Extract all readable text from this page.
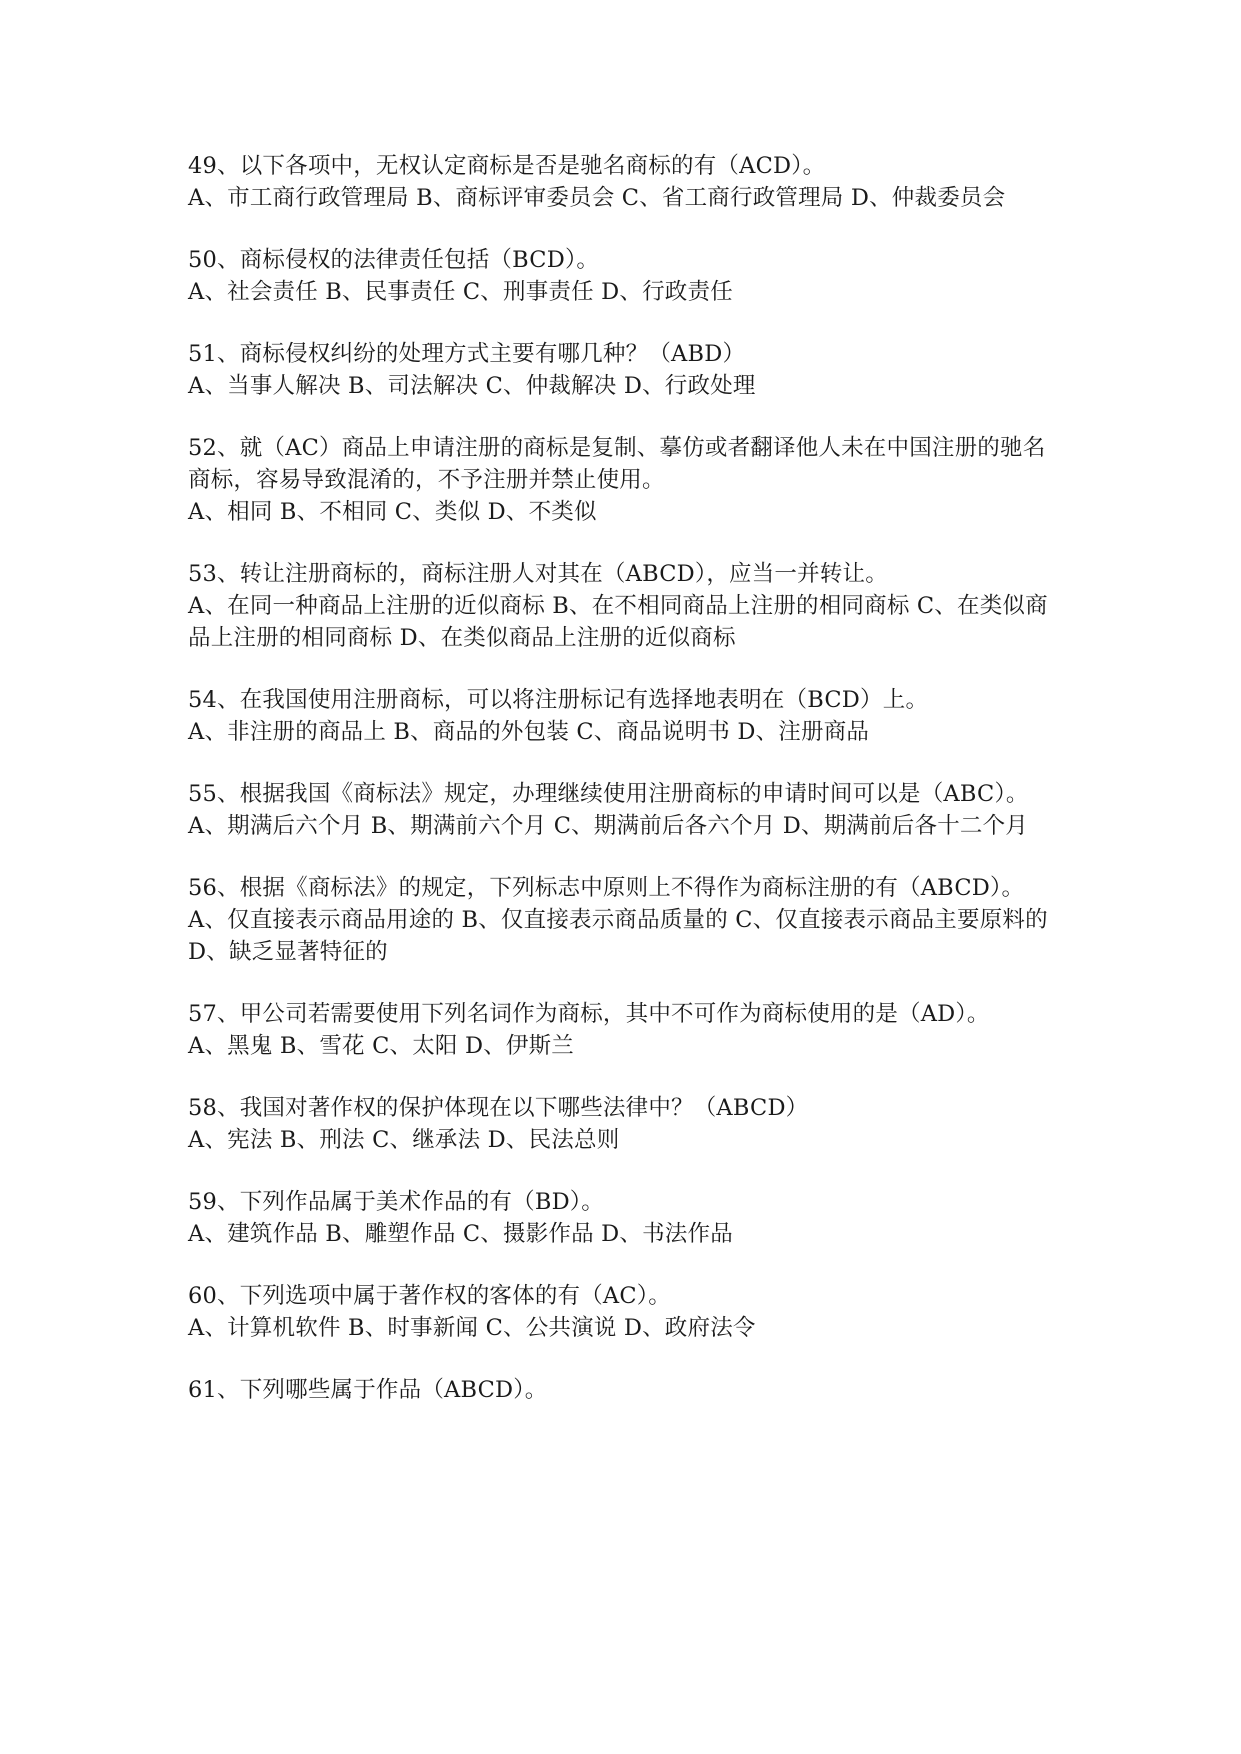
49、以下各项中，无权认定商标是否是驰名商标的有（ACD）。
A、市工商行政管理局 B、商标评审委员会 C、省工商行政管理局 D、仲裁委员会
50、商标侵权的法律责任包括（BCD）。
A、社会责任 B、民事责任 C、刑事责任 D、行政责任
51、商标侵权纠纷的处理方式主要有哪几种？（ABD）
A、当事人解决 B、司法解决 C、仲裁解决 D、行政处理
52、就（AC）商品上申请注册的商标是复制、摹仿或者翻译他人未在中国注册的驰名商标，容易导致混淆的，不予注册并禁止使用。
A、相同 B、不相同 C、类似 D、不类似
53、转让注册商标的，商标注册人对其在（ABCD），应当一并转让。
A、在同一种商品上注册的近似商标 B、在不相同商品上注册的相同商标 C、在类似商品上注册的相同商标 D、在类似商品上注册的近似商标
54、在我国使用注册商标，可以将注册标记有选择地表明在（BCD）上。
A、非注册的商品上 B、商品的外包装 C、商品说明书 D、注册商品
55、根据我国《商标法》规定，办理继续使用注册商标的申请时间可以是（ABC）。
A、期满后六个月 B、期满前六个月 C、期满前后各六个月 D、期满前后各十二个月
56、根据《商标法》的规定，下列标志中原则上不得作为商标注册的有（ABCD）。
A、仅直接表示商品用途的 B、仅直接表示商品质量的 C、仅直接表示商品主要原料的 D、缺乏显著特征的
57、甲公司若需要使用下列名词作为商标，其中不可作为商标使用的是（AD）。
A、黑鬼 B、雪花 C、太阳 D、伊斯兰
58、我国对著作权的保护体现在以下哪些法律中？（ABCD）
A、宪法 B、刑法 C、继承法 D、民法总则
59、下列作品属于美术作品的有（BD）。
A、建筑作品 B、雕塑作品 C、摄影作品 D、书法作品
60、下列选项中属于著作权的客体的有（AC）。
A、计算机软件 B、时事新闻 C、公共演说 D、政府法令
61、下列哪些属于作品（ABCD）。
